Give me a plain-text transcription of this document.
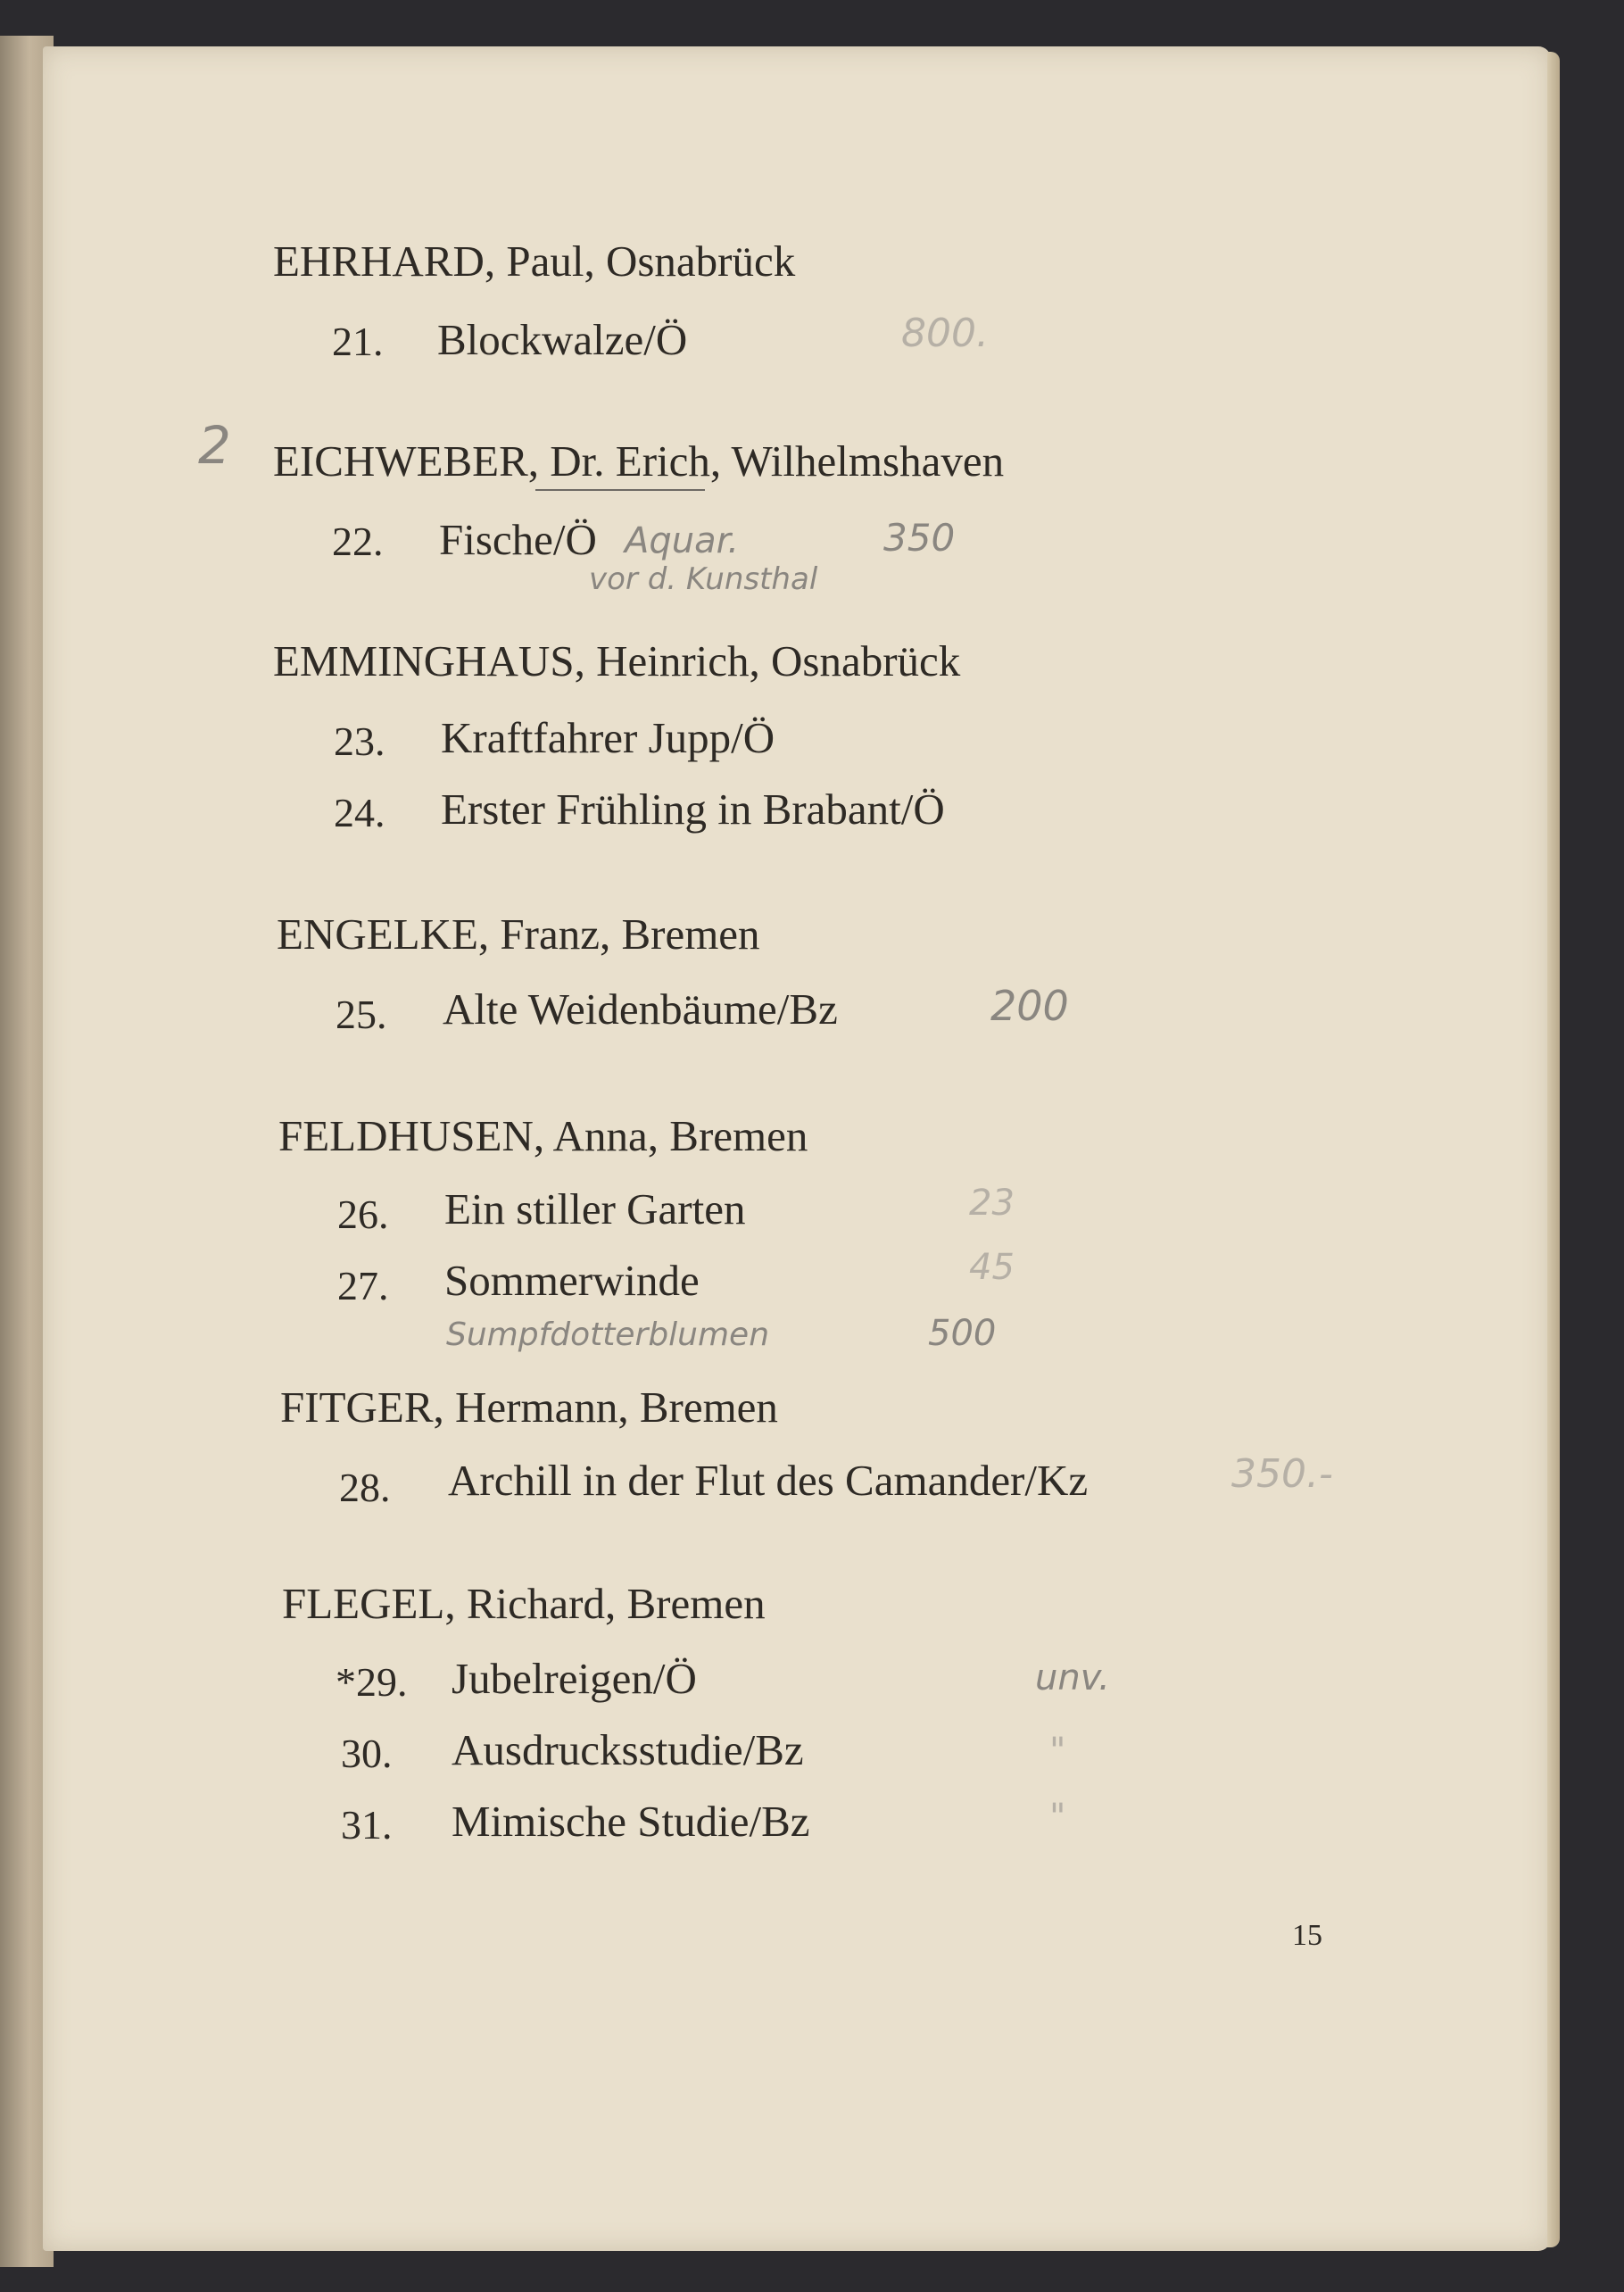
EHRHARD, Paul, Osnabrück
21. Blockwalze/Ö	800.
2 EICHWEBER, Dr. Erich, Wilhelmshaven
22. Fische/Ö Aquar.	350
vor d. Kunsthal
EMMINGHAUS, Heinrich, Osnabrück
23. Kraftfahrer Jupp/Ö
24. Erster Frühling in Brabant/Ö
ENGELKE, Franz, Bremen
25. Alte Weidenbäume/Bz	200
FELDHUSEN, Anna, Bremen
26. Ein stiller Garten	23
27. Sommerwinde	45
Sumpfdotterblumen	500
FITGER, Hermann, Bremen
28. Archill in der Flut des Camander/Kz	350.-
FLEGEL, Richard, Bremen
*29. Jubelreigen/Ö	unv.
30. Ausdrucksstudie/Bz	"
31. Mimische Studie/Bz	"
15
